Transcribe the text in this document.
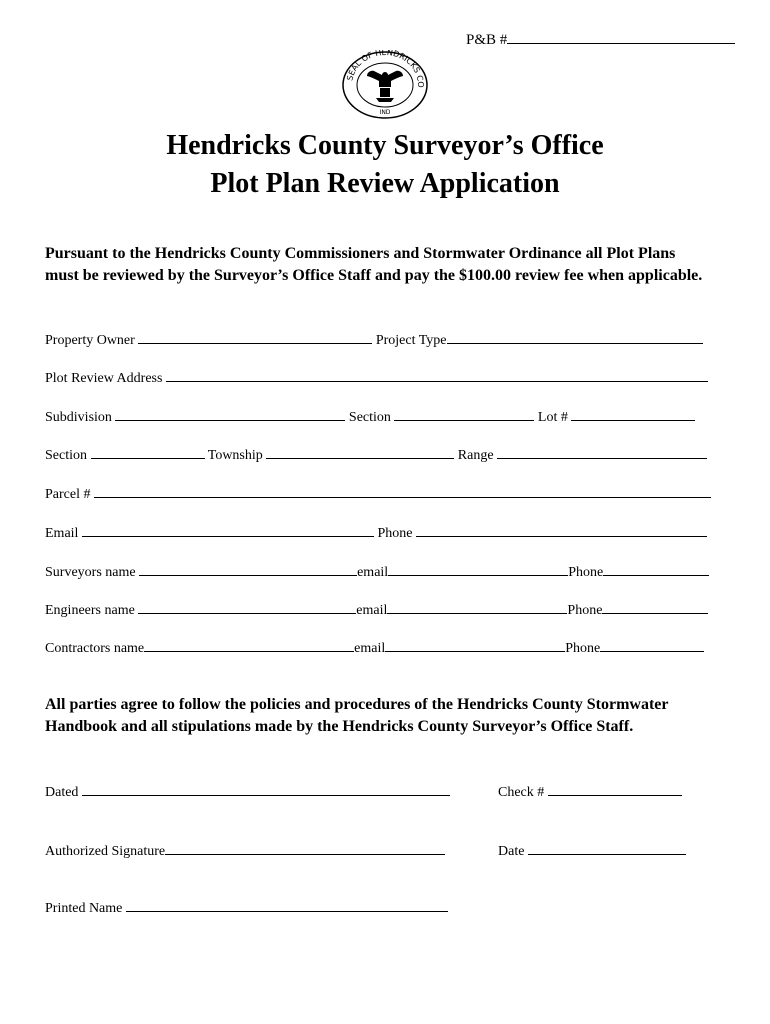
P&B #
SEAL OF HENDRICKS CO
IND
Hendricks County Surveyor’s Office
Plot Plan Review Application
Pursuant to the Hendricks County Commissioners and Stormwater Ordinance all Plot Plans must be reviewed by the Surveyor’s Office Staff and pay the $100.00 review fee when applicable.
Property Owner	Project Type
Plot Review Address
Subdivision	Section	Lot #
Section	Township	Range
Parcel #
Email	Phone
Surveyors name	email	Phone
Engineers name	email	Phone
Contractors name	email	Phone
All parties agree to follow the policies and procedures of the Hendricks County Stormwater Handbook and all stipulations made by the Hendricks County Surveyor’s Office Staff.
Dated	Check #
Authorized Signature	Date
Printed Name
